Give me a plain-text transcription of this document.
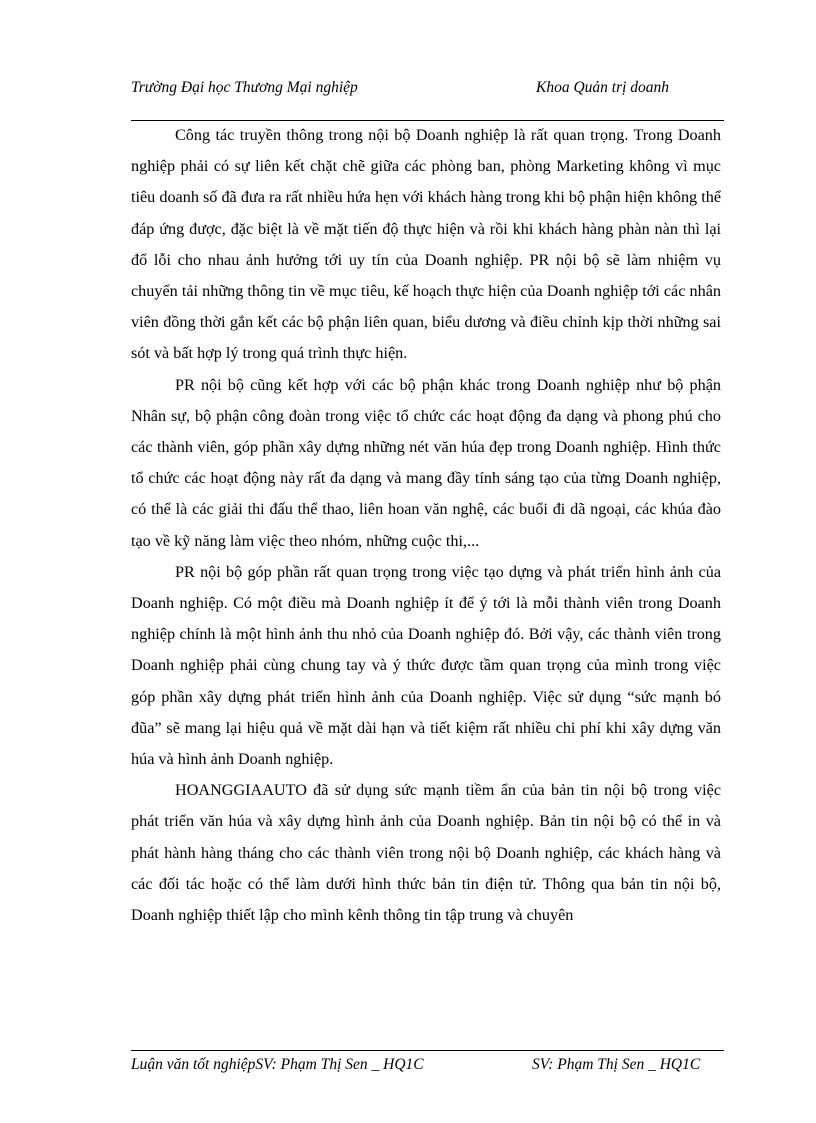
Trường Đại học Thương Mại nghiệp	Khoa Quản trị doanh

Công tác truyền thông trong nội bộ Doanh nghiệp là rất quan trọng. Trong Doanh nghiệp phải có sự liên kết chặt chẽ giữa các phòng ban, phòng Marketing không vì mục tiêu doanh số đã đưa ra rất nhiều hứa hẹn với khách hàng trong khi bộ phận hiện không thể đáp ứng được, đặc biệt là về mặt tiến độ thực hiện và rồi khi khách hàng phàn nàn thì lại đổ lỗi cho nhau ảnh hưởng tới uy tín của Doanh nghiệp. PR nội bộ sẽ làm nhiệm vụ chuyển tải những thông tin về mục tiêu, kế hoạch thực hiện của Doanh nghiệp tới các nhân viên đồng thời gắn kết các bộ phận liên quan, biểu dương và điều chỉnh kịp thời những sai sót và bất hợp lý trong quá trình thực hiện.

PR nội bộ cũng kết hợp với các bộ phận khác trong Doanh nghiệp như bộ phận Nhân sự, bộ phận công đoàn trong việc tổ chức các hoạt động đa dạng và phong phú cho các thành viên, góp phần xây dựng những nét văn húa đẹp trong Doanh nghiệp. Hình thức tổ chức các hoạt động này rất đa dạng và mang đầy tính sáng tạo của từng Doanh nghiệp, có thể là các giải thi đấu thể thao, liên hoan văn nghệ, các buổi đi dã ngoại, các khúa đào tạo về kỹ năng làm việc theo nhóm, những cuộc thi,...

PR nội bộ góp phần rất quan trọng trong việc tạo dựng và phát triển hình ảnh của Doanh nghiệp. Có một điều mà Doanh nghiệp ít để ý tới là mỗi thành viên trong Doanh nghiệp chính là một hình ảnh thu nhỏ của Doanh nghiệp đó. Bởi vậy, các thành viên trong Doanh nghiệp phải cùng chung tay và ý thức được tầm quan trọng của mình trong việc góp phần xây dựng phát triển hình ảnh của Doanh nghiệp. Việc sử dụng “sức mạnh bó đũa” sẽ mang lại hiệu quả về mặt dài hạn và tiết kiệm rất nhiều chi phí khi xây dựng văn húa và hình ảnh Doanh nghiệp.

HOANGGIAAUTO đã sử dụng sức mạnh tiềm ẩn của bản tin nội bộ trong việc phát triển văn húa và xây dựng hình ảnh của Doanh nghiệp. Bản tin nội bộ có thể in và phát hành hàng tháng cho các thành viên trong nội bộ Doanh nghiệp, các khách hàng và các đối tác hoặc có thể làm dưới hình thức bản tin điện tử. Thông qua bản tin nội bộ, Doanh nghiệp thiết lập cho mình kênh thông tin tập trung và chuyên

Luận văn tốt nghiệpSV: Phạm Thị Sen _ HQ1C	SV: Phạm Thị Sen _ HQ1C
